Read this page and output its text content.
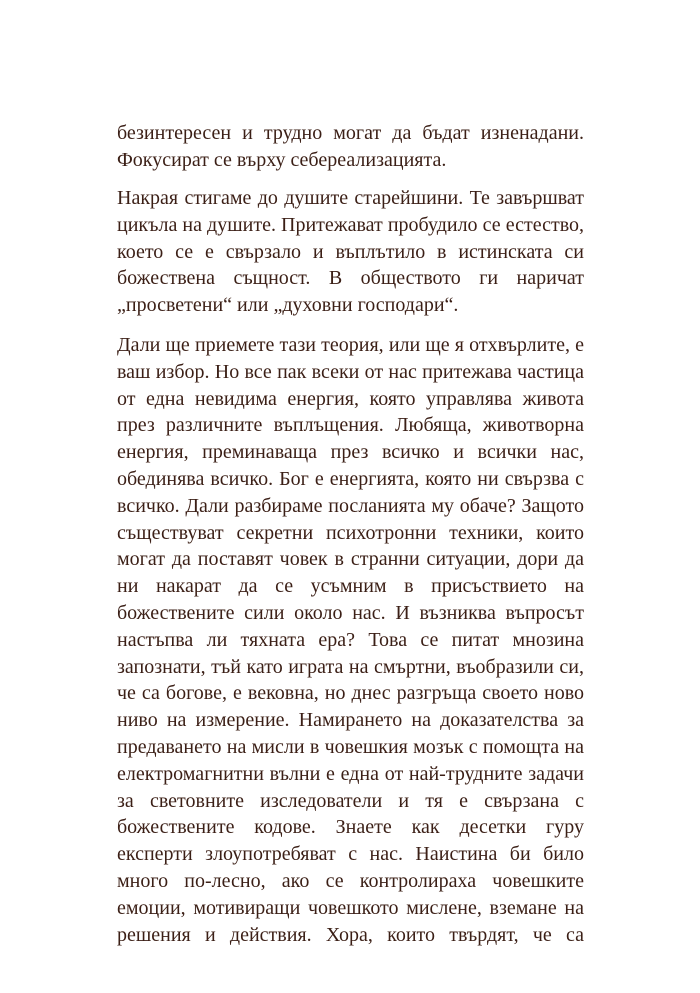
безинтересен и трудно могат да бъдат изненадани.
Фокусират се върху себереализацията.
Накрая стигаме до душите старейшини. Те завършват
цикъла на душите. Притежават пробудило се естество,
което се е свързало и въплътило в истинската си
божествена същност. В обществото ги наричат
„просветени“ или „духовни господари“.
Дали ще приемете тази теория, или ще я отхвърлите, е
ваш избор. Но все пак всеки от нас притежава частица
от една невидима енергия, която управлява живота
през различните въплъщения. Любяща, животворна
енергия, преминаваща през всичко и всички нас,
обединява всичко. Бог е енергията, която ни свързва с
всичко. Дали разбираме посланията му обаче? Защото
съществуват секретни психотронни техники, които
могат да поставят човек в странни ситуации, дори да
ни накарат да се усъмним в присъствието на
божествените сили около нас. И възниква въпросът
настъпва ли тяхната ера? Това се питат мнозина
запознати, тъй като играта на смъртни, въобразили си,
че са богове, е вековна, но днес разгръща своето ново
ниво на измерение. Намирането на доказателства за
предаването на мисли в човешкия мозък с помощта на
електромагнитни вълни е една от най-трудните задачи
за световните изследователи и тя е свързана с
божествените кодове. Знаете как десетки гуру
експерти злоупотребяват с нас. Наистина би било
много по-лесно, ако се контролираха човешките
емоции, мотивиращи човешкото мислене, вземане на
решения и действия. Хора, които твърдят, че са
